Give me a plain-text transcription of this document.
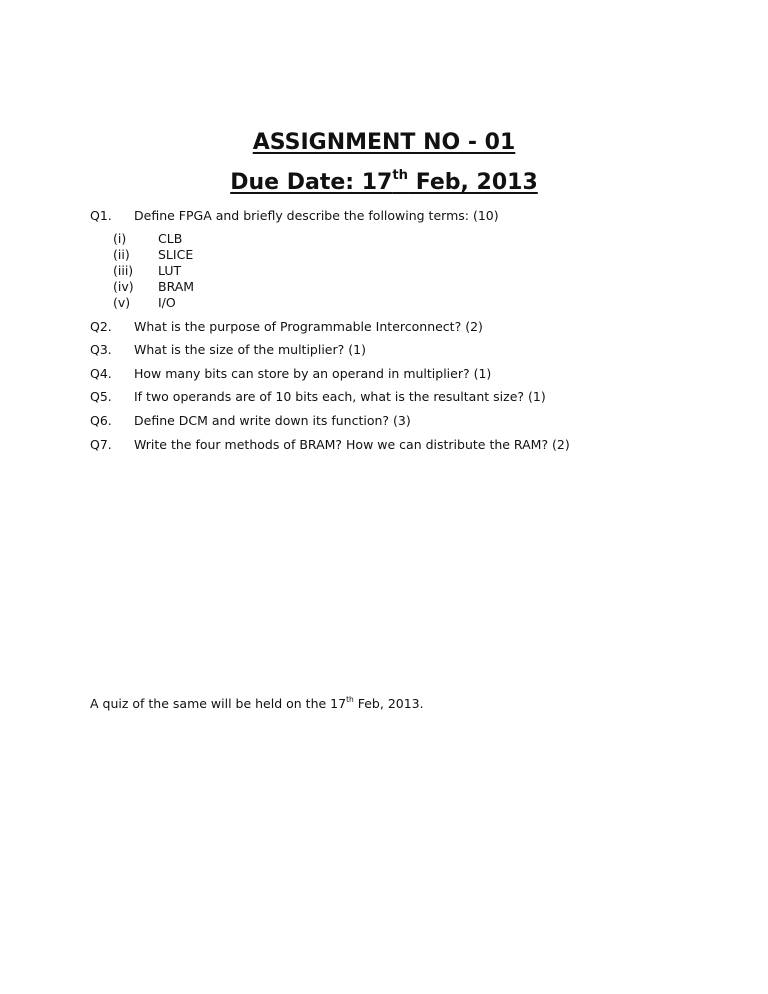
ASSIGNMENT NO - 01
Due Date: 17th Feb, 2013
Q1. Define FPGA and briefly describe the following terms: (10)
(i)	CLB
(ii) SLICE
(iii) LUT
(iv) BRAM
(v) I/O
Q2. What is the purpose of Programmable Interconnect? (2)
Q3. What is the size of the multiplier? (1)
Q4. How many bits can store by an operand in multiplier? (1)
Q5. If two operands are of 10 bits each, what is the resultant size? (1)
Q6. Define DCM and write down its function? (3)
Q7. Write the four methods of BRAM? How we can distribute the RAM? (2)
A quiz of the same will be held on the 17th Feb, 2013.
